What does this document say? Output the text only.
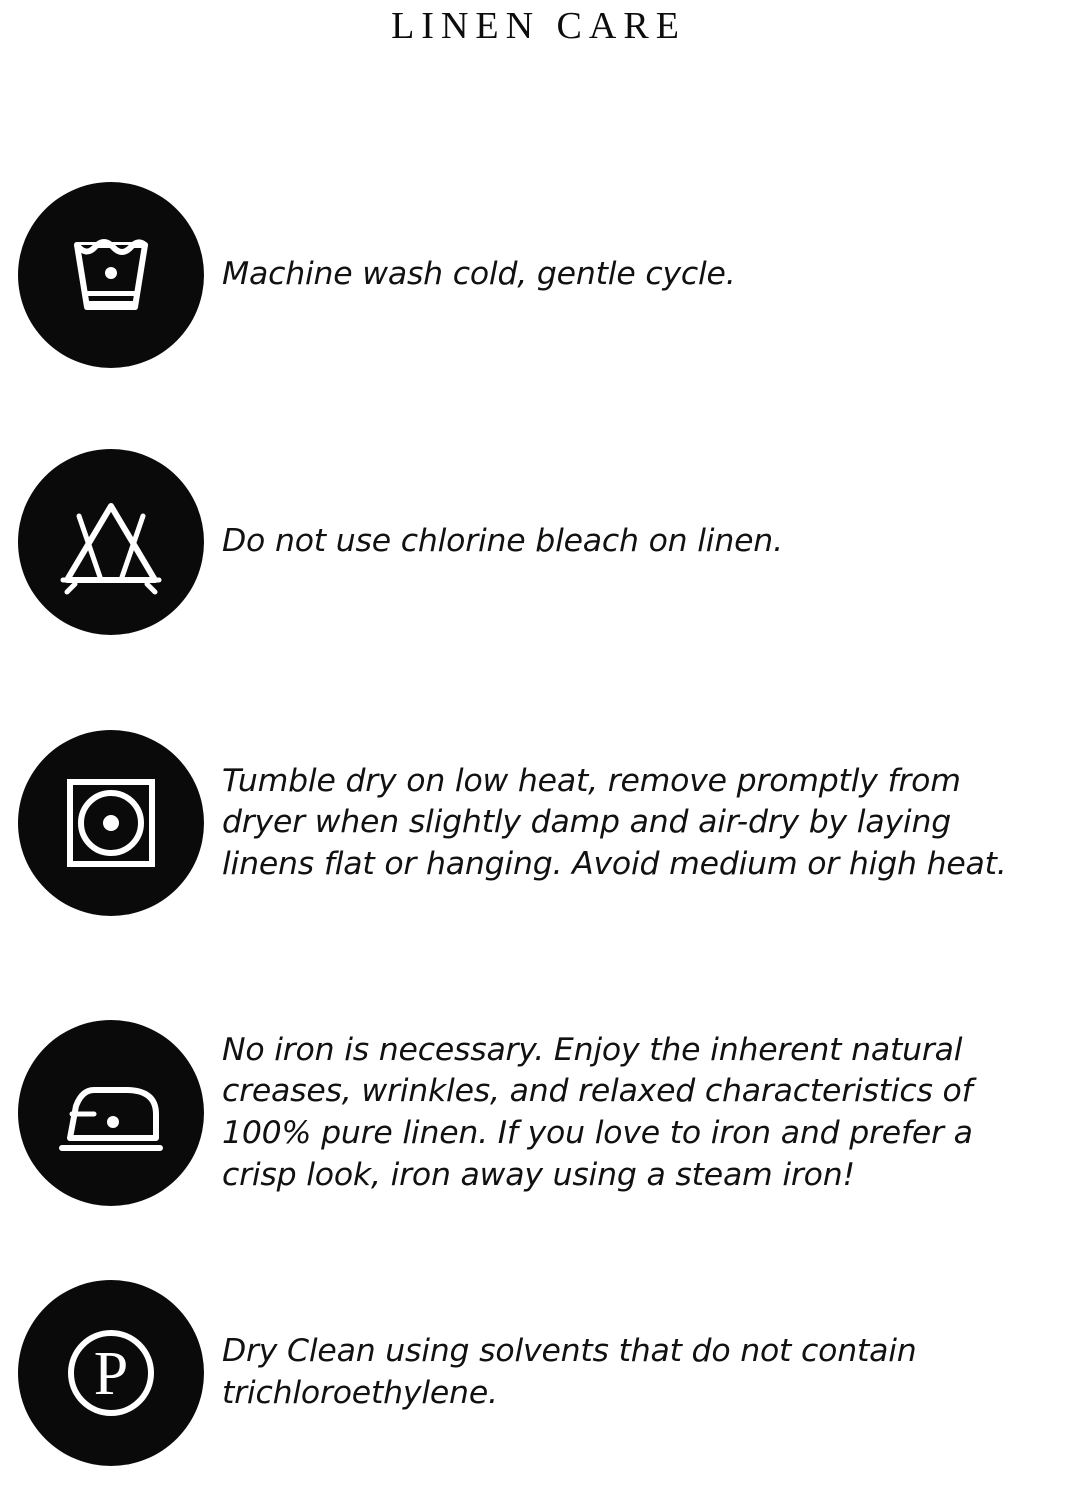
LINEN CARE
Machine wash cold, gentle cycle.
Do not use chlorine bleach on linen.
Tumble dry on low heat, remove promptly from dryer when slightly damp and air-dry by laying linens flat or hanging. Avoid medium or high heat.
No iron is necessary. Enjoy the inherent natural creases, wrinkles, and relaxed characteristics of 100% pure linen. If you love to iron and prefer a crisp look, iron away using a steam iron!
P	Dry Clean using solvents that do not contain trichloroethylene.
